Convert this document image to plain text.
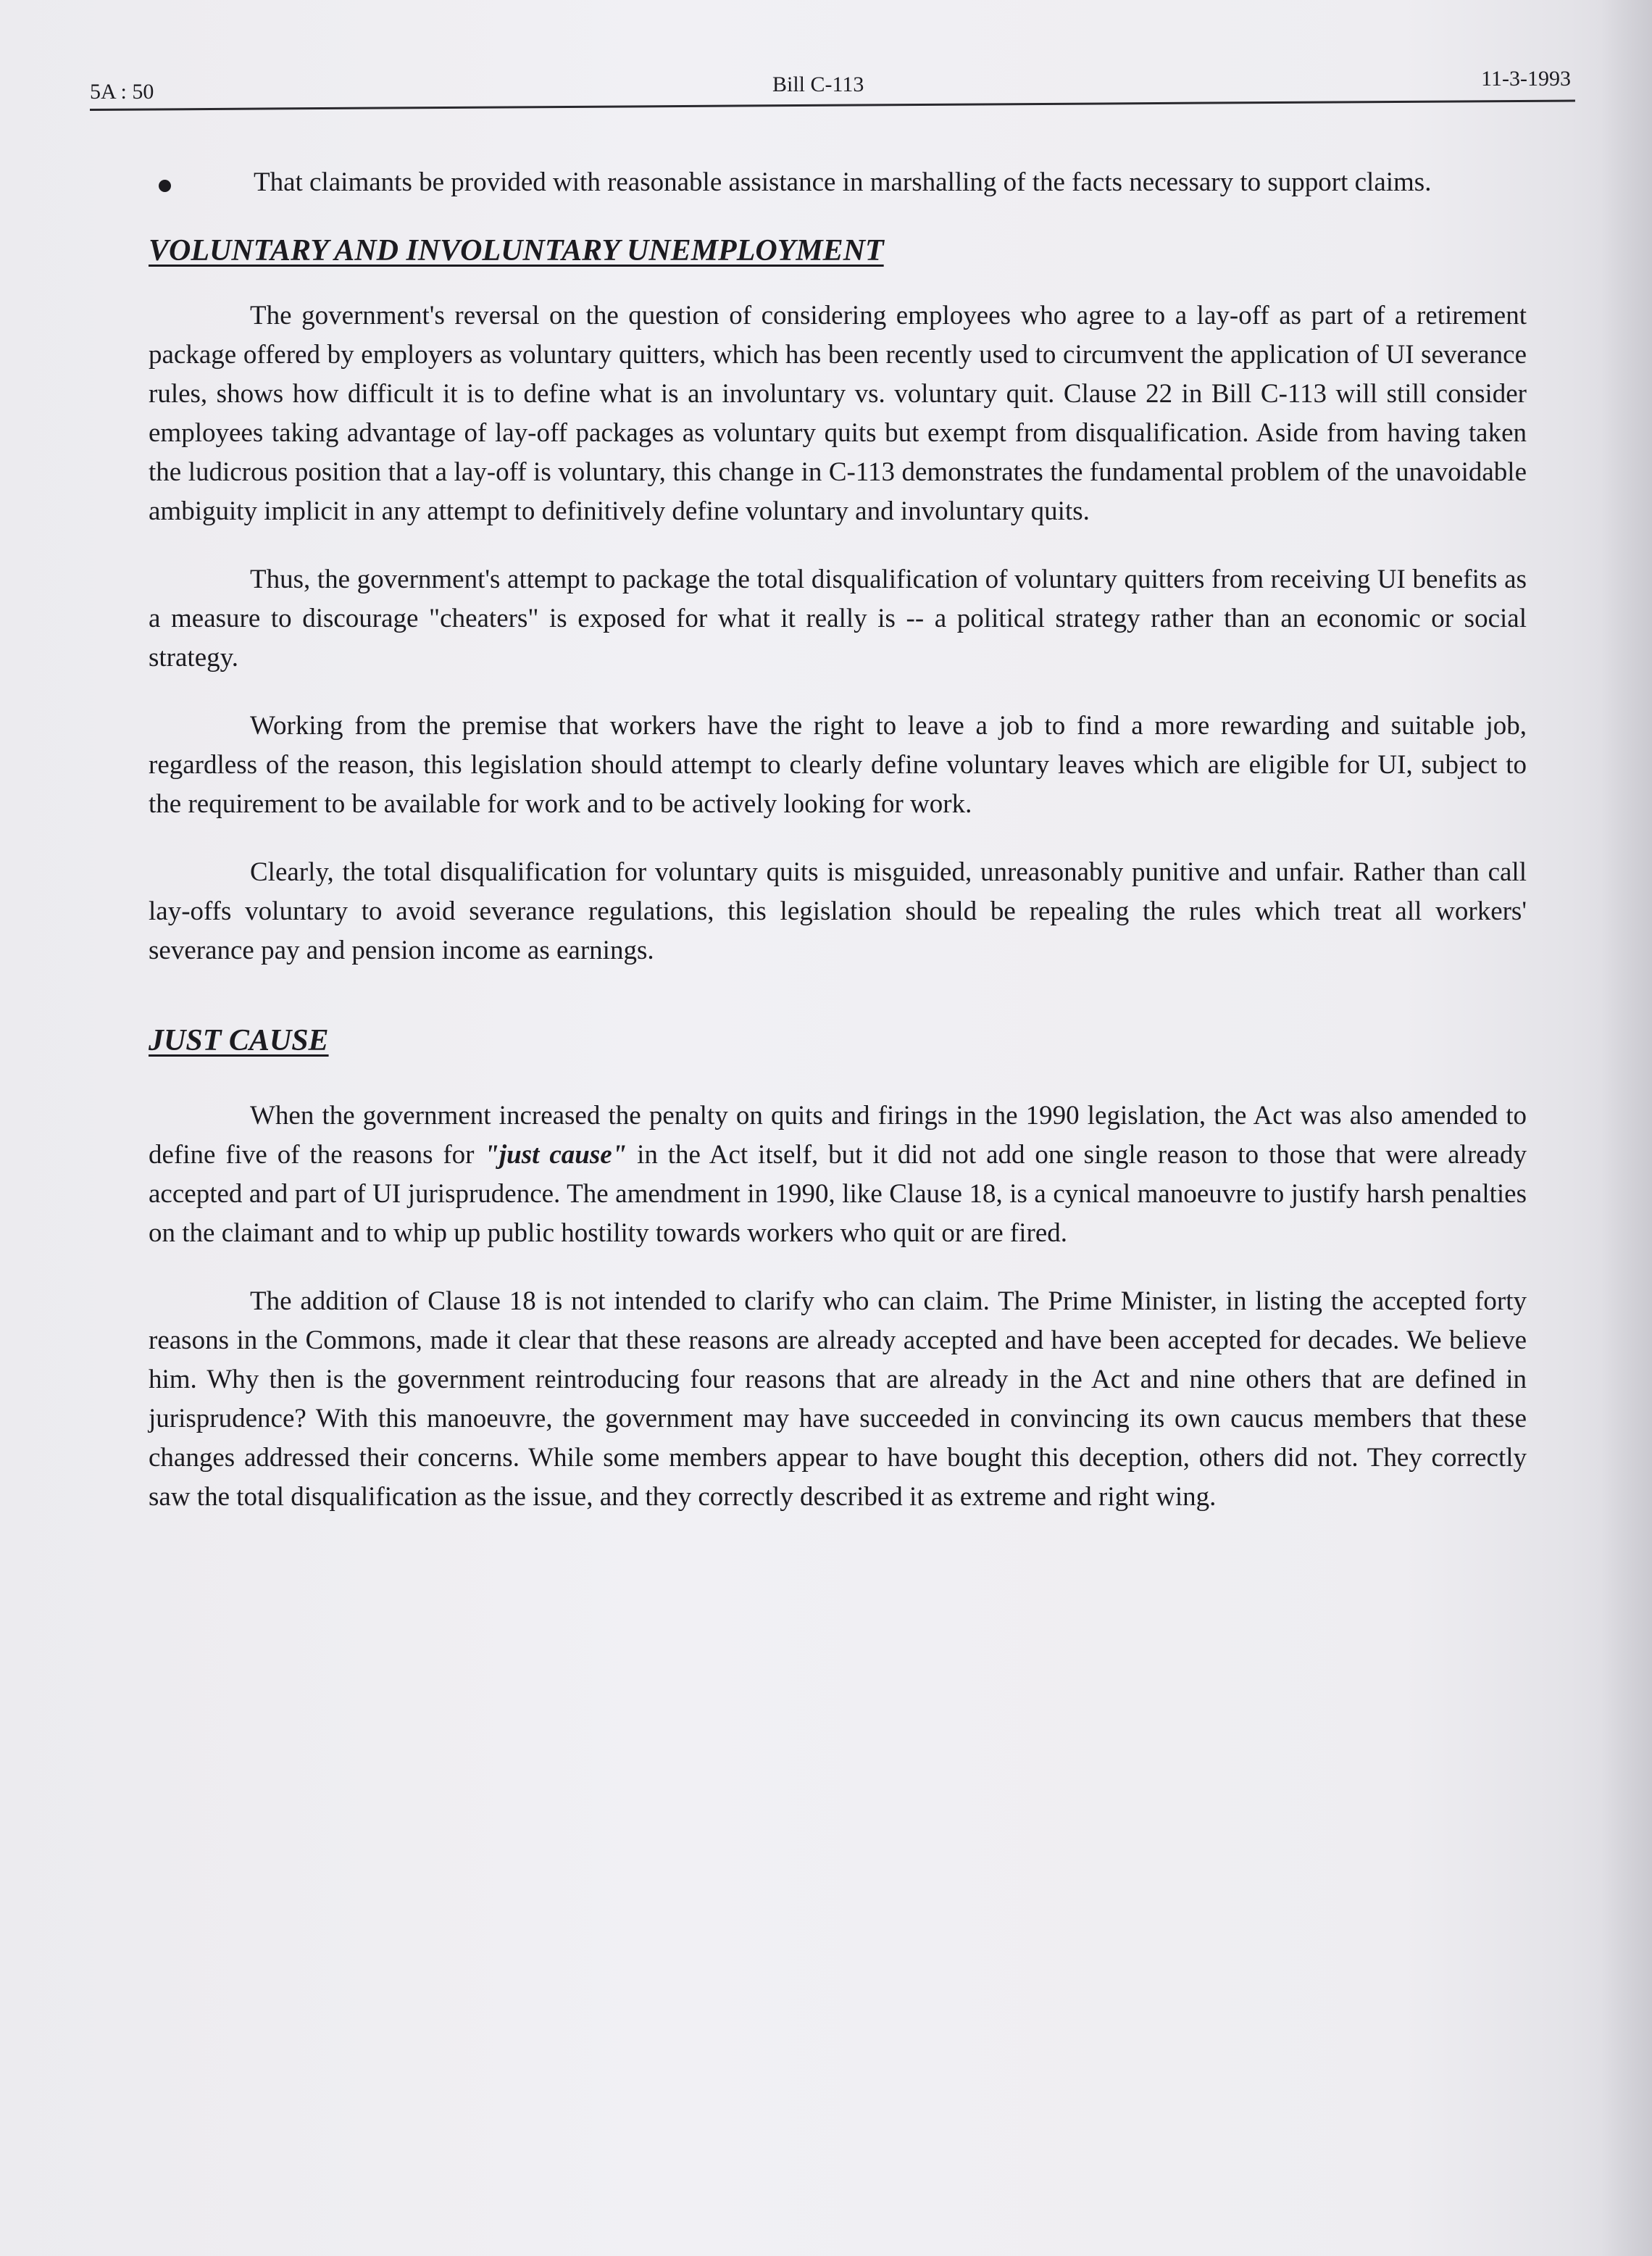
5A : 50	Bill C-113	11-3-1993
That claimants be provided with reasonable assistance in marshalling of the facts necessary to support claims.
VOLUNTARY AND INVOLUNTARY UNEMPLOYMENT

The government's reversal on the question of considering employees who agree to a lay-off as part of a retirement package offered by employers as voluntary quitters, which has been recently used to circumvent the application of UI severance rules, shows how difficult it is to define what is an involuntary vs. voluntary quit. Clause 22 in Bill C-113 will still consider employees taking advantage of lay-off packages as voluntary quits but exempt from disqualification. Aside from having taken the ludicrous position that a lay-off is voluntary, this change in C-113 demonstrates the fundamental problem of the unavoidable ambiguity implicit in any attempt to definitively define voluntary and involuntary quits.

Thus, the government's attempt to package the total disqualification of voluntary quitters from receiving UI benefits as a measure to discourage "cheaters" is exposed for what it really is -- a political strategy rather than an economic or social strategy.

Working from the premise that workers have the right to leave a job to find a more rewarding and suitable job, regardless of the reason, this legislation should attempt to clearly define voluntary leaves which are eligible for UI, subject to the requirement to be available for work and to be actively looking for work.

Clearly, the total disqualification for voluntary quits is misguided, unreasonably punitive and unfair. Rather than call lay-offs voluntary to avoid severance regulations, this legislation should be repealing the rules which treat all workers' severance pay and pension income as earnings.

JUST CAUSE

When the government increased the penalty on quits and firings in the 1990 legislation, the Act was also amended to define five of the reasons for "just cause" in the Act itself, but it did not add one single reason to those that were already accepted and part of UI jurisprudence. The amendment in 1990, like Clause 18, is a cynical manoeuvre to justify harsh penalties on the claimant and to whip up public hostility towards workers who quit or are fired.

The addition of Clause 18 is not intended to clarify who can claim. The Prime Minister, in listing the accepted forty reasons in the Commons, made it clear that these reasons are already accepted and have been accepted for decades. We believe him. Why then is the government reintroducing four reasons that are already in the Act and nine others that are defined in jurisprudence? With this manoeuvre, the government may have succeeded in convincing its own caucus members that these changes addressed their concerns. While some members appear to have bought this deception, others did not. They correctly saw the total disqualification as the issue, and they correctly described it as extreme and right wing.
